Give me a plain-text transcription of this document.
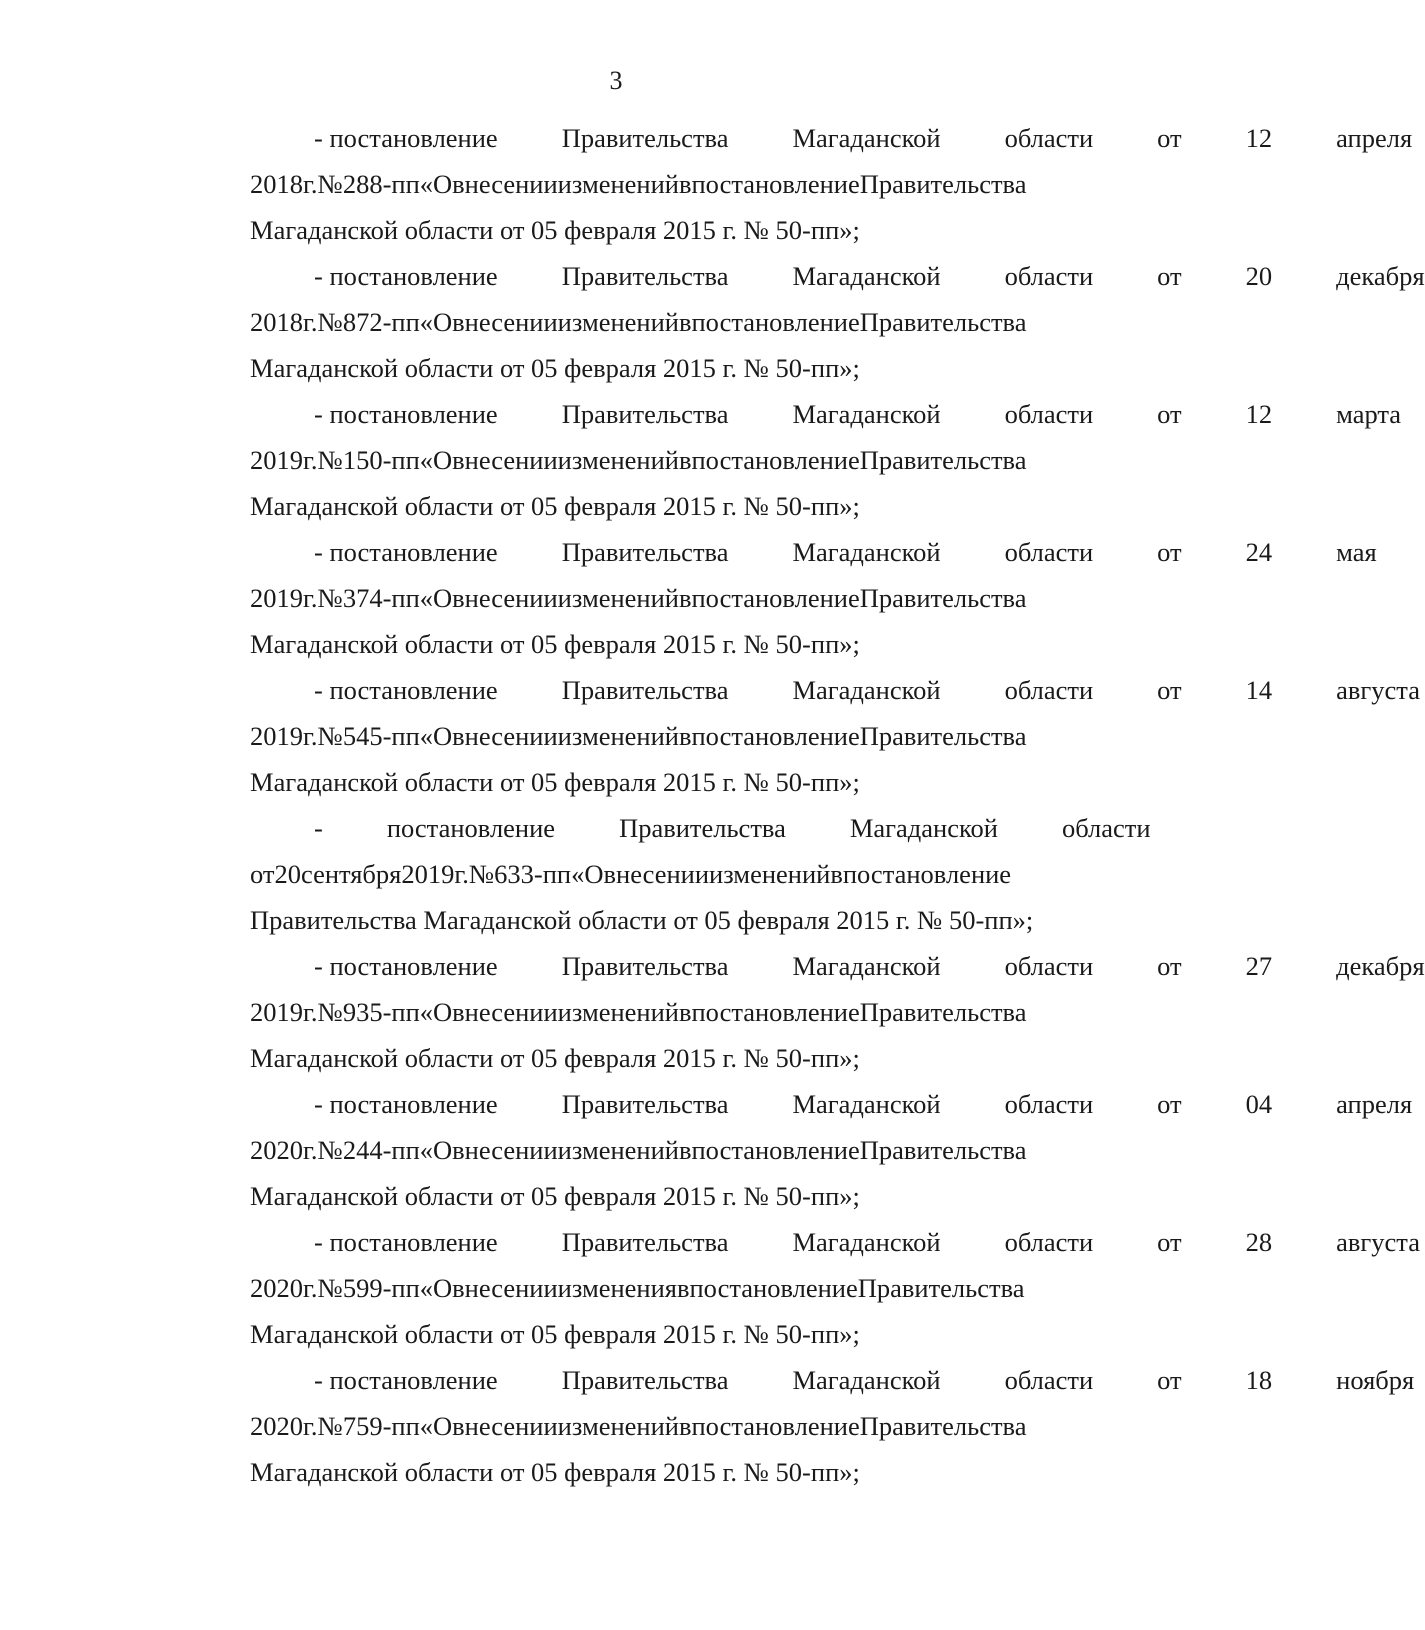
3
- постановление	Правительства	Магаданской	области	от	12	апреля
2018г.№288-пп«ОвнесенииизмененийвпостановлениеПравительства
Магаданской области от 05 февраля 2015 г. № 50-пп»;
- постановление	Правительства	Магаданской	области	от	20	декабря
2018г.№872-пп«ОвнесенииизмененийвпостановлениеПравительства
Магаданской области от 05 февраля 2015 г. № 50-пп»;
- постановление	Правительства	Магаданской	области	от	12	марта
2019г.№150-пп«ОвнесенииизмененийвпостановлениеПравительства
Магаданской области от 05 февраля 2015 г. № 50-пп»;
- постановление	Правительства	Магаданской	области	от	24	мая
2019г.№374-пп«ОвнесенииизмененийвпостановлениеПравительства
Магаданской области от 05 февраля 2015 г. № 50-пп»;
- постановление	Правительства	Магаданской	области	от	14	августа
2019г.№545-пп«ОвнесенииизмененийвпостановлениеПравительства
Магаданской области от 05 февраля 2015 г. № 50-пп»;
-	постановление	Правительства	Магаданской	области
от20сентября2019г.№633-пп«Овнесенииизмененийвпостановление
Правительства Магаданской области от 05 февраля 2015 г. № 50-пп»;
- постановление	Правительства	Магаданской	области	от	27	декабря
2019г.№935-пп«ОвнесенииизмененийвпостановлениеПравительства
Магаданской области от 05 февраля 2015 г. № 50-пп»;
- постановление	Правительства	Магаданской	области	от	04	апреля
2020г.№244-пп«ОвнесенииизмененийвпостановлениеПравительства
Магаданской области от 05 февраля 2015 г. № 50-пп»;
- постановление	Правительства	Магаданской	области	от	28	августа
2020г.№599-пп«ОвнесенииизменениявпостановлениеПравительства
Магаданской области от 05 февраля 2015 г. № 50-пп»;
- постановление	Правительства	Магаданской	области	от	18	ноября
2020г.№759-пп«ОвнесенииизмененийвпостановлениеПравительства
Магаданской области от 05 февраля 2015 г. № 50-пп»;
